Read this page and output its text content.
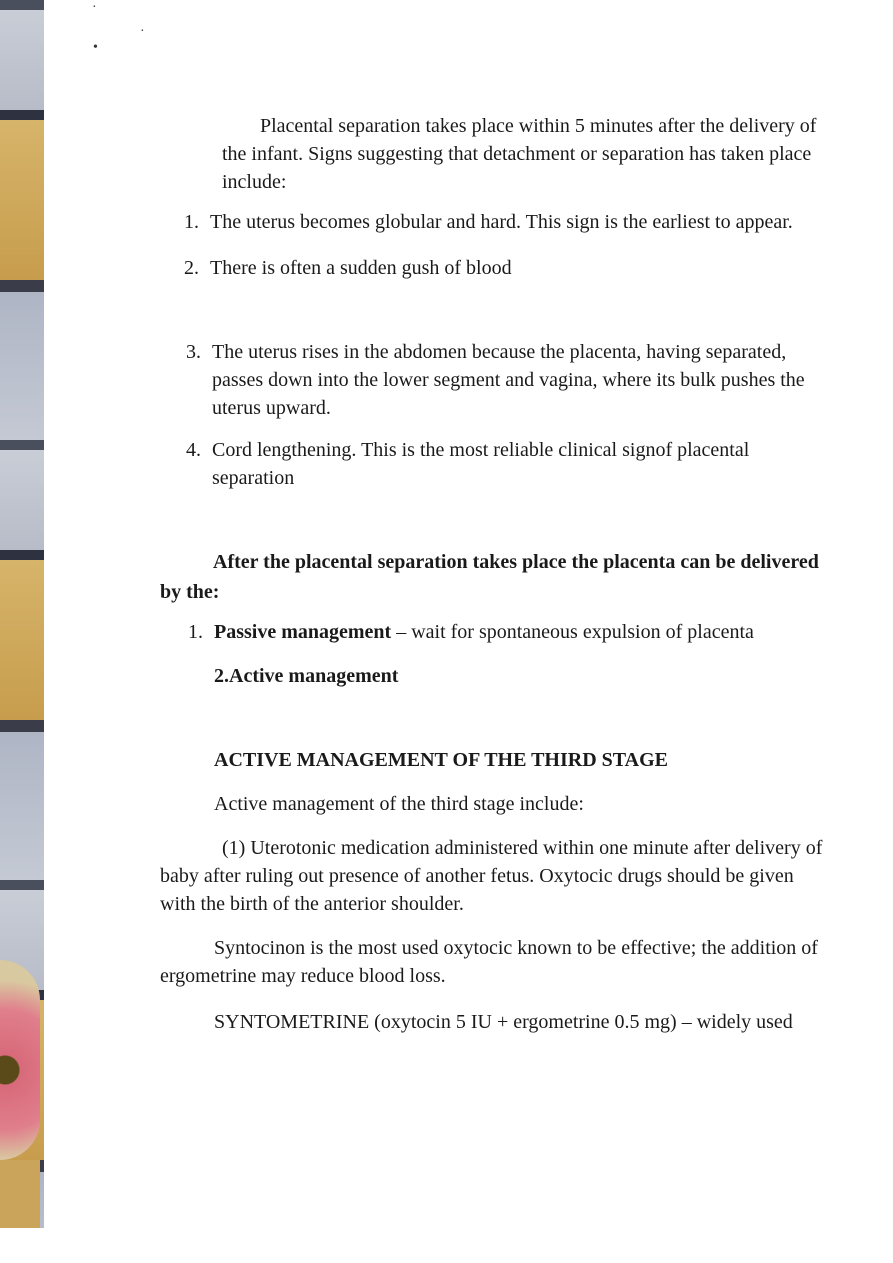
·
·
•
Placental separation takes place within 5 minutes after the delivery of
the infant. Signs suggesting that detachment or separation has taken place
include:
1. The uterus becomes globular and hard. This sign is the earliest to appear.
2. There is often a sudden gush of blood
3. The uterus rises in the abdomen because the placenta, having separated,
passes down into the lower segment and vagina, where its bulk pushes the
uterus upward.
4. Cord lengthening. This is the most reliable clinical signof placental
separation
After the placental separation takes place the placenta can be delivered
by the:
1. Passive management – wait for spontaneous expulsion of placenta
2.Active management
ACTIVE MANAGEMENT OF THE THIRD STAGE
Active management of the third stage include:
(1) Uterotonic medication administered within one minute after delivery of
baby after ruling out presence of another fetus. Oxytocic drugs should be given
with the birth of the anterior shoulder.
Syntocinon is the most used oxytocic known to be effective; the addition of
ergometrine may reduce blood loss.
SYNTOMETRINE (oxytocin 5 IU + ergometrine 0.5 mg) – widely used
